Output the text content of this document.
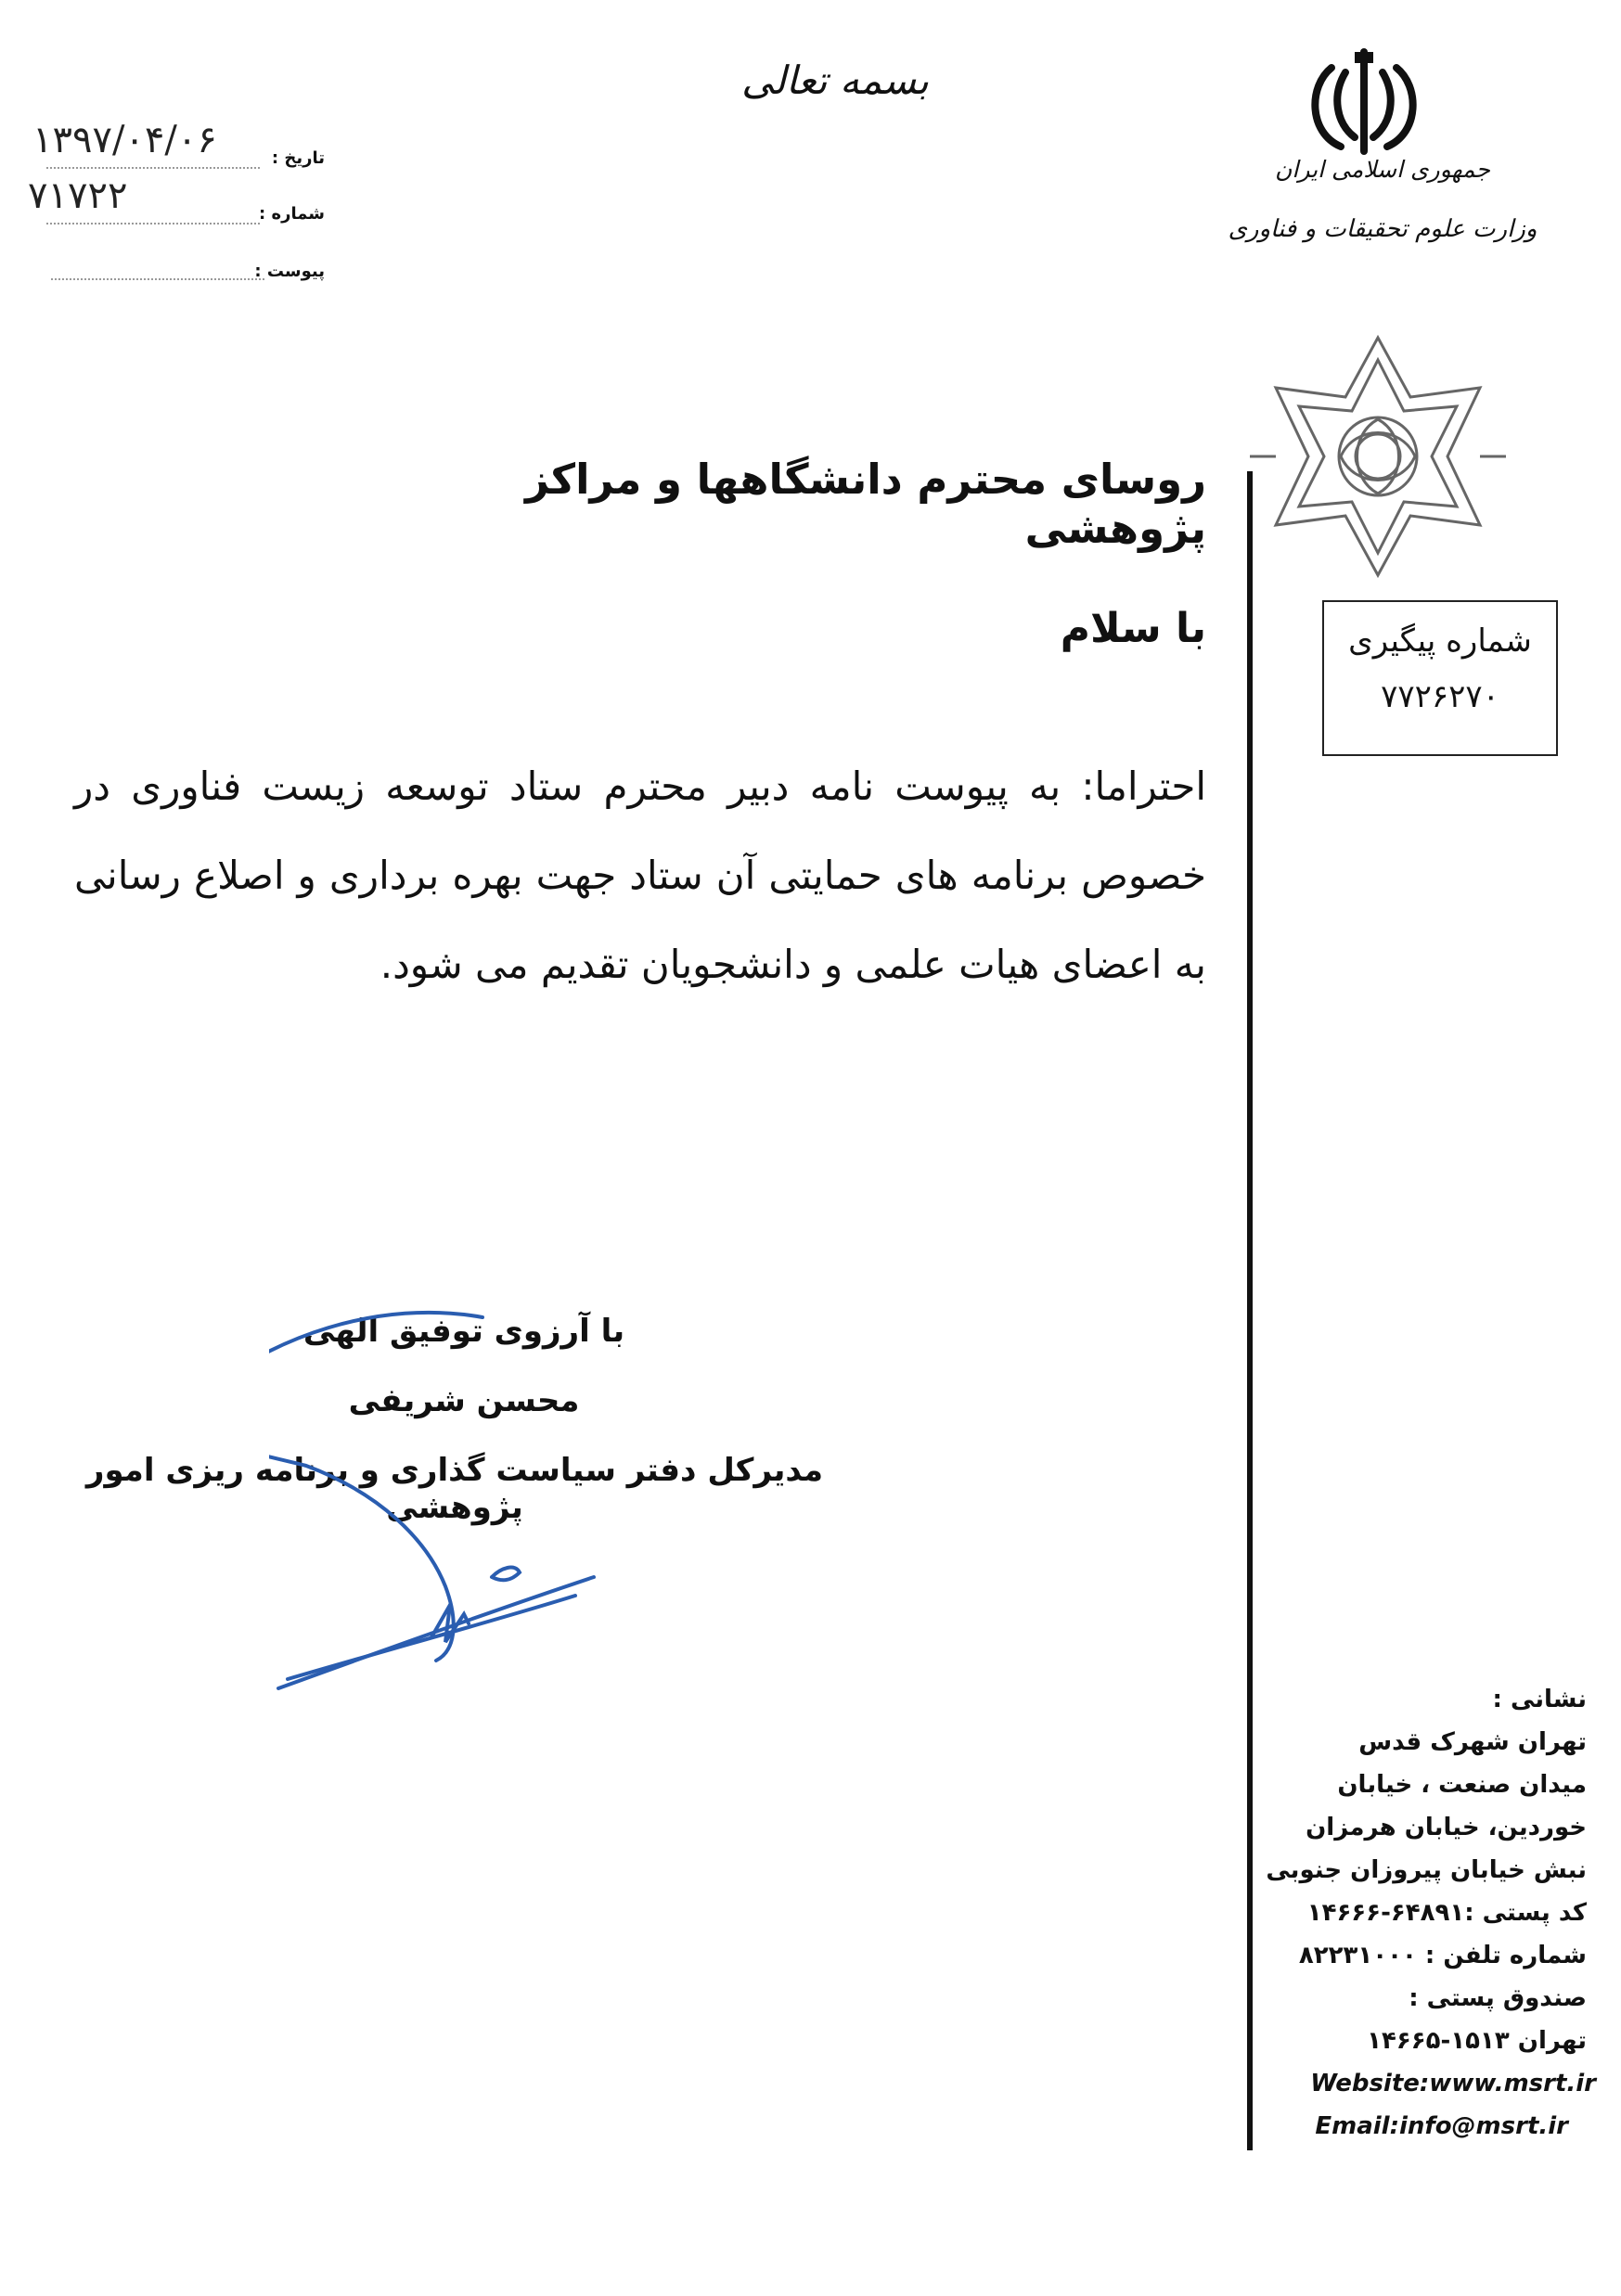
بسمه تعالی
جمهوری اسلامی ایران
وزارت علوم تحقیقات و فناوری
تاریخ :
۱۳۹۷/۰۴/۰۶
شماره :
۷۱۷۲۲
پیوست :
شماره پیگیری
۷۷۲۶۲۷۰
روسای محترم دانشگاهها و مراکز پژوهشی
با سلام
احتراما: به پیوست نامه دبیر محترم ستاد توسعه زیست فناوری در خصوص برنامه های حمایتی آن ستاد جهت بهره برداری و اصلاع رسانی به اعضای هیات علمی و دانشجویان تقدیم می شود.
با آرزوی توفیق الهی
محسن شریفی
مدیرکل دفتر سیاست گذاری و برنامه ریزی امور پژوهشی
نشانی :
تهران شهرک قدس
میدان صنعت ، خیابان
خوردین، خیابان هرمزان
نبش خیابان پیروزان جنوبی
کد پستی :۶۴۸۹۱-۱۴۶۶۶
شماره تلفن : ۸۲۲۳۱۰۰۰
صندوق پستی :
تهران ۱۵۱۳-۱۴۶۶۵
Website:www.msrt.ir
Email:info@msrt.ir
